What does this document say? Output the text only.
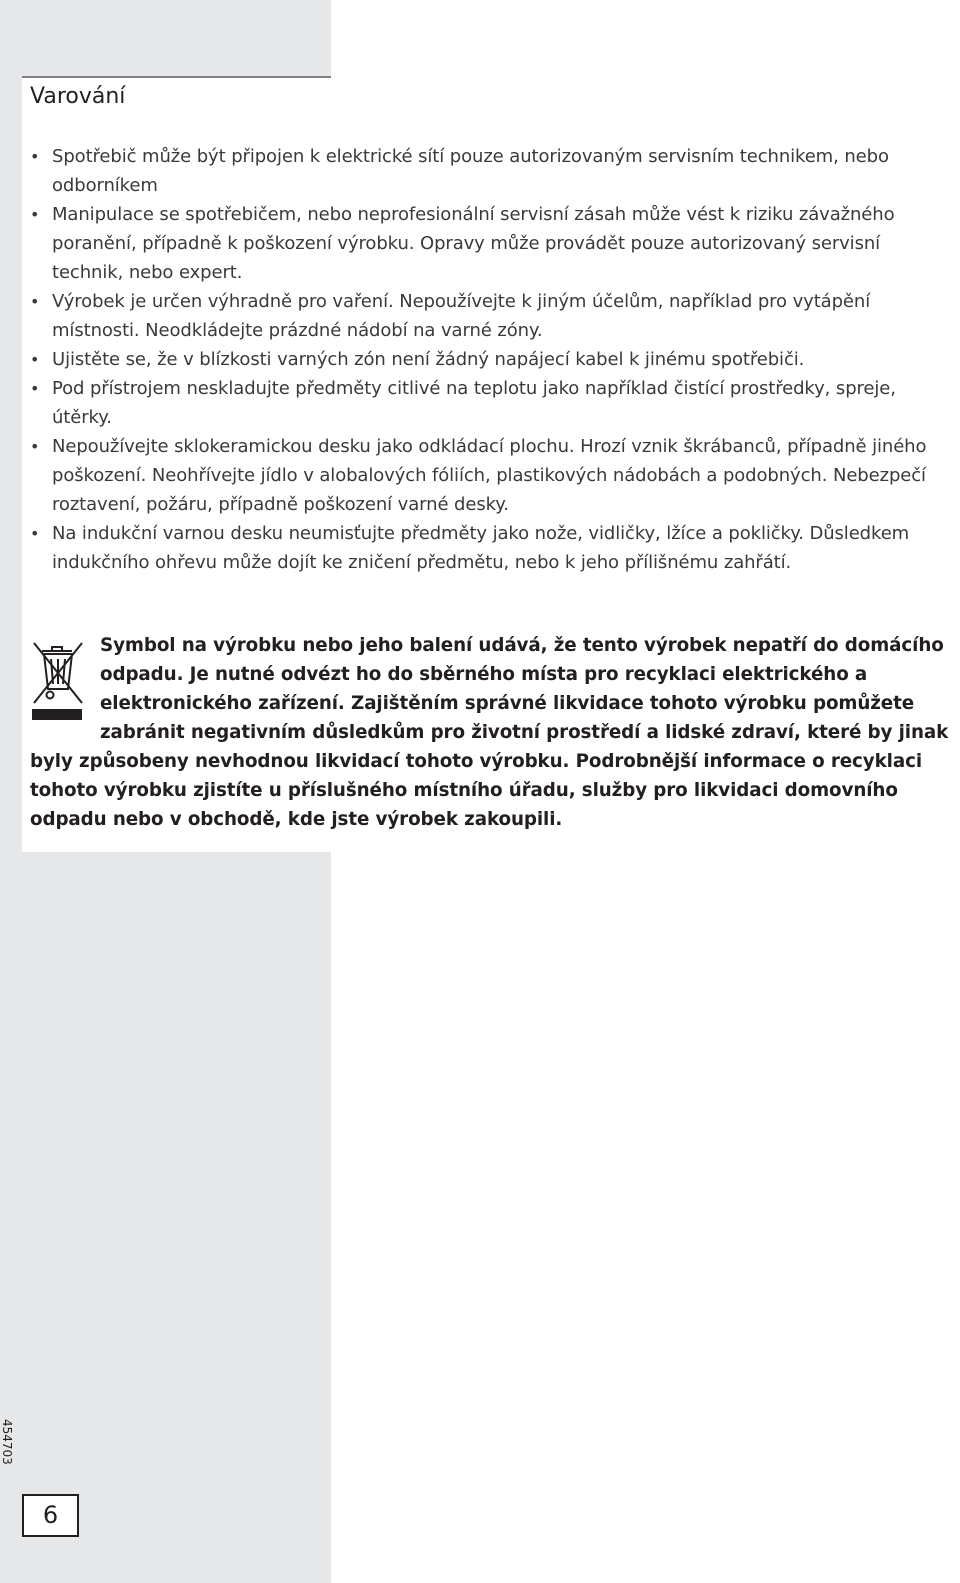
Varování
• Spotřebič může být připojen k elektrické sítí pouze autorizovaným servisním technikem, nebo odborníkem
• Manipulace se spotřebičem, nebo neprofesionální servisní zásah může vést k riziku závažného poranění, případně k poškození výrobku. Opravy může provádět pouze autorizovaný servisní technik, nebo expert.
• Výrobek je určen výhradně pro vaření. Nepoužívejte k jiným účelům, například pro vytápění místnosti. Neodkládejte prázdné nádobí na varné zóny.
• Ujistěte se, že v blízkosti varných zón není žádný napájecí kabel k jinému spotřebiči.
• Pod přístrojem neskladujte předměty citlivé na teplotu jako například čistící prostředky, spreje, útěrky.
• Nepoužívejte sklokeramickou desku jako odkládací plochu. Hrozí vznik škrábanců, případně jiného poškození. Neohřívejte jídlo v alobalových fóliích, plastikových nádobách a podobných. Nebezpečí roztavení, požáru, případně poškození varné desky.
• Na indukční varnou desku neumisťujte předměty jako nože, vidličky, lžíce a pokličky. Důsledkem indukčního ohřevu může dojít ke zničení předmětu, nebo k jeho přílišnému zahřátí.
Symbol na výrobku nebo jeho balení udává, že tento výrobek nepatří do domácího odpadu. Je nutné odvézt ho do sběrného místa pro recyklaci elektrického a elektronického zařízení. Zajištěním správné likvidace tohoto výrobku pomůžete zabránit negativním důsledkům pro životní prostředí a lidské zdraví, které by jinak byly způsobeny nevhodnou likvidací tohoto výrobku. Podrobnější informace o recyklaci tohoto výrobku zjistíte u příslušného místního úřadu, služby pro likvidaci domovního odpadu nebo v obchodě, kde jste výrobek zakoupili.
454703
6
